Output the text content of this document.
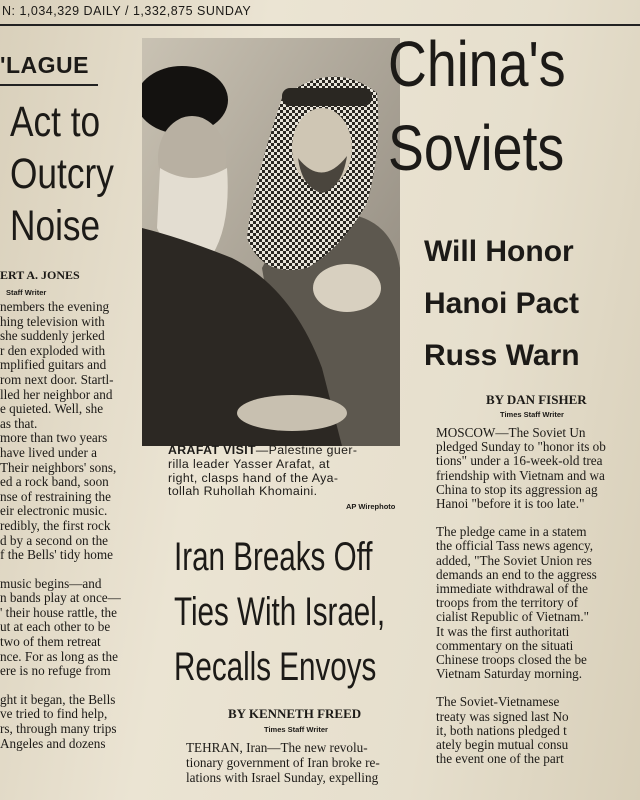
N: 1,034,329 DAILY / 1,332,875 SUNDAY
'LAGUE
Act to
Outcry
Noise
ERT A. JONES
Staff Writer
nembers the evening
hing television with
she suddenly jerked
r den exploded with
mplified guitars and
rom next door. Startl-
lled her neighbor and
e quieted. Well, she
as that.
more than two years
have lived under a
Their neighbors' sons,
ed a rock band, soon
nse of restraining the
eir electronic music.
redibly, the first rock
d by a second on the
f the Bells' tidy home
music begins—and
n bands play at once—
' their house rattle, the
ut at each other to be
two of them retreat
nce. For as long as the
ere is no refuge from
ght it began, the Bells
ve tried to find help,
rs, through many trips
Angeles and dozens
ARAFAT VISIT—Palestine guer-
rilla leader Yasser Arafat, at
right, clasps hand of the Aya-
tollah Ruhollah Khomaini.
AP Wirephoto
Iran Breaks Off
Ties With Israel,
Recalls Envoys
BY KENNETH FREED
Times Staff Writer
TEHRAN, Iran—The new revolu-
tionary government of Iran broke re-
lations with Israel Sunday, expelling
China's
Soviets
Will Honor
Hanoi Pact
Russ Warn
BY DAN FISHER
Times Staff Writer
MOSCOW—The Soviet Un
pledged Sunday to "honor its ob
tions" under a 16-week-old trea
friendship with Vietnam and wa
China to stop its aggression ag
Hanoi "before it is too late."
The pledge came in a statem
the official Tass news agency,
added, "The Soviet Union res
demands an end to the aggress
immediate withdrawal of the
troops from the territory of
cialist Republic of Vietnam."
It was the first authoritati
commentary on the situati
Chinese troops closed the be
Vietnam Saturday morning.
The Soviet-Vietnamese
treaty was signed last No
it, both nations pledged t
ately begin mutual consu
the event one of the part
